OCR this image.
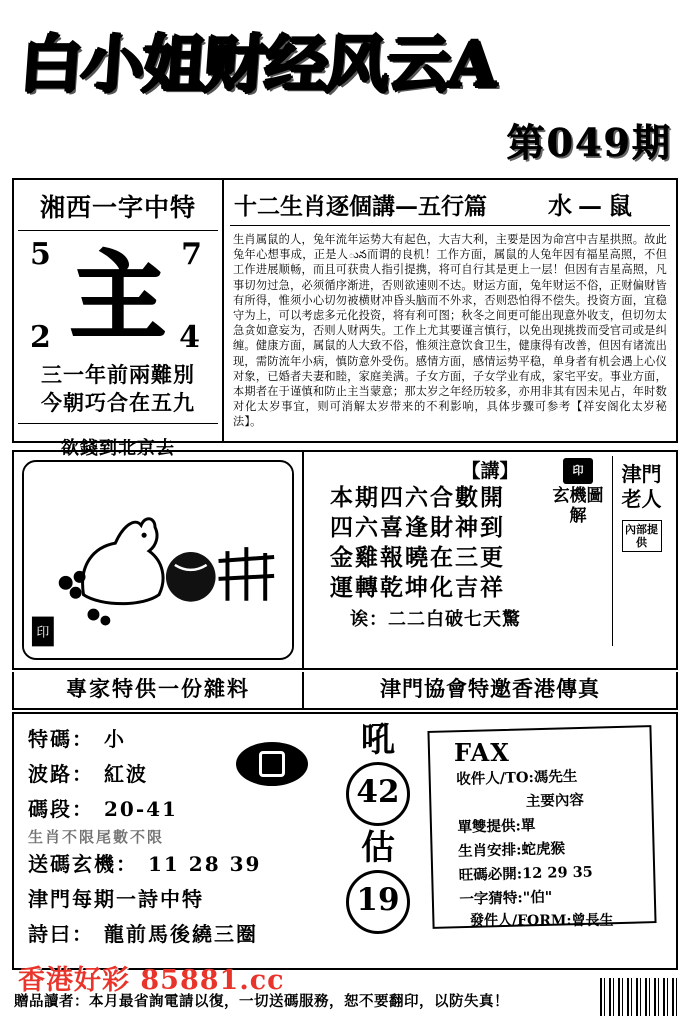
白小姐财经风云A
第049期
湘西一字中特
主
5	7
2	4
三一年前兩難別
今朝巧合在五九
欲錢到北京去
十二生肖逐個講—五行篇	水—鼠
生肖属鼠的人，兔年流年运势大有起色，大吉大利，主要是因为命宫中吉星拱照。故此兔年心想事成，正是人ున而谓的良机！工作方面，属鼠的人兔年因有福星高照，不但工作进展顺畅，而且可获贵人指引提携，将可自行其是更上一层！但因有吉星高照，凡事切勿过急，必须循序渐进，否则欲速则不达。财运方面，兔年财运不俗，正财偏财皆有所得，惟须小心切勿被横财冲昏头脑而不外求，否则恐怕得不偿失。投资方面，宜稳守为上，可以考虑多元化投资，将有利可图；秋冬之间更可能出现意外收支，但切勿太急贪如意妄为，否则人财两失。工作上尤其要谨言慎行，以免出现挑拨而受官司或是纠缠。健康方面，属鼠的人大致不俗，惟须注意饮食卫生，健康得有改善，但因有诸流出现，需防流年小病，慎防意外受伤。感情方面，感情运势平稳，单身者有机会遇上心仪对象，已婚者夫妻和睦，家庭美满。子女方面，子女学业有成，家宅平安。事业方面，本期者在于谨慎和防止主当蒙意；那太岁之年经历较多，亦用非其有因未见占，年时数对化太岁事宜，则可消解太岁带来的不利影响，具体步骤可参考【祥安阁化太岁秘法】。
印
【講】
本期四六合數開
四六喜逢財神到
金雞報曉在三更
運轉乾坤化吉祥
诶：二二白破七天驚
印
玄機圖解
津門老人
內部提供
專家特供一份雜料	津門協會特邀香港傳真
特碼： 小
波路： 紅波
碼段： 20-41
生肖不限尾數不限
送碼玄機： 11 28 39
津門每期一詩中特
詩曰： 龍前馬後繞三圈
吼
42
估
19
FAX
收件人/TO:馮先生
主要內容
單雙提供:單
生肖安排:蛇虎猴
旺碼必開:12 29 35
一字猜特:"伯"
發件人/FORM:曾長生
香港好彩 85881.cc
贈品讀者：本月最省詢電請以復，一切送碼服務，恕不要翻印，以防失真！
